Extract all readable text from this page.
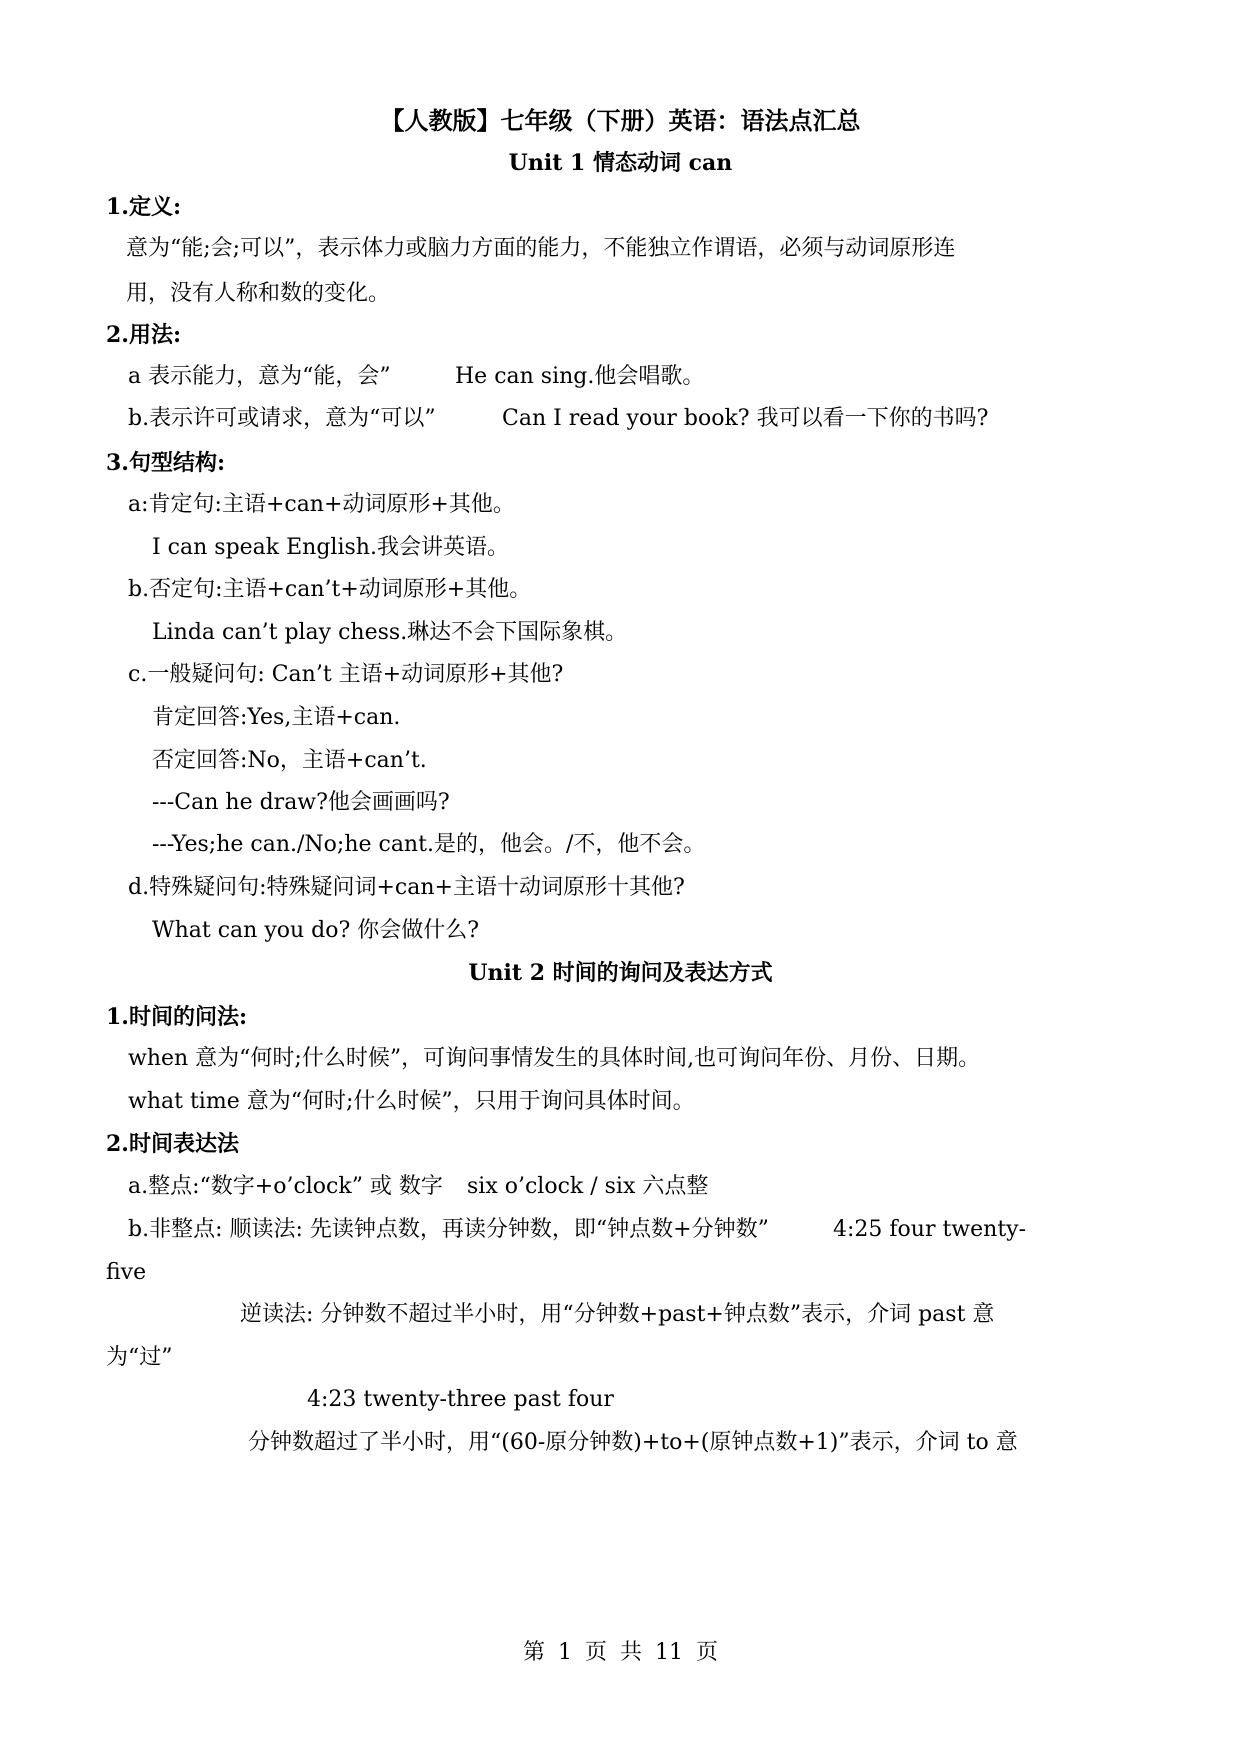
【人教版】七年级（下册）英语：语法点汇总
Unit 1 情态动词 can
1.定义:
意为“能;会;可以”，表示体力或脑力方面的能力，不能独立作谓语，必须与动词原形连
用，没有人称和数的变化。
2.用法:
a 表示能力，意为“能，会”	He can sing.他会唱歌。
b.表示许可或请求，意为“可以”	Can I read your book? 我可以看一下你的书吗?
3.句型结构:
a:肯定句:主语+can+动词原形+其他。
I can speak English.我会讲英语。
b.否定句:主语+can’t+动词原形+其他。
Linda can’t play chess.琳达不会下国际象棋。
c.一般疑问句: Can’t 主语+动词原形+其他?
肯定回答:Yes,主语+can.
否定回答:No，主语+can’t.
---Can he draw?他会画画吗?
---Yes;he can./No;he cant.是的，他会。/不，他不会。
d.特殊疑问句:特殊疑问词+can+主语十动词原形十其他?
What can you do? 你会做什么?
Unit 2 时间的询问及表达方式
1.时间的问法:
when 意为“何时;什么时候”，可询问事情发生的具体时间,也可询问年份、月份、日期。
what time 意为“何时;什么时候”，只用于询问具体时间。
2.时间表达法
a.整点:“数字+o’clock” 或 数字 six o’clock / six 六点整
b.非整点: 顺读法: 先读钟点数，再读分钟数，即“钟点数+分钟数”	4:25 four twenty-
five
逆读法: 分钟数不超过半小时，用“分钟数+past+钟点数”表示，介词 past 意
为“过”
4:23 twenty-three past four
分钟数超过了半小时，用“(60-原分钟数)+to+(原钟点数+1)”表示，介词 to 意
第 1 页 共 11 页
